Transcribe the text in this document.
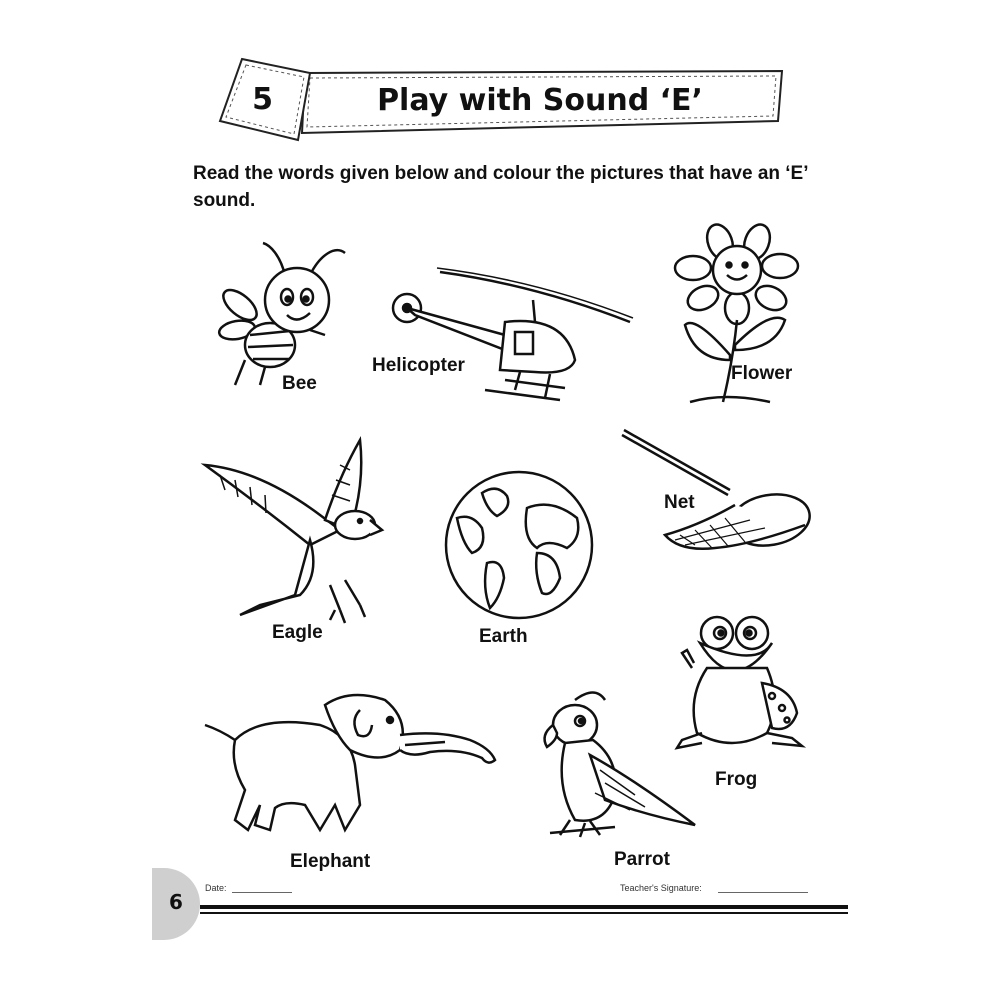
5	Play with Sound ‘E’
Read the words given below and colour the pictures that have an ‘E’ sound.
Bee
Helicopter	Flower
Eagle	Earth
Net
Elephant	Parrot
Frog
6
Date:	Teacher's Signature:
